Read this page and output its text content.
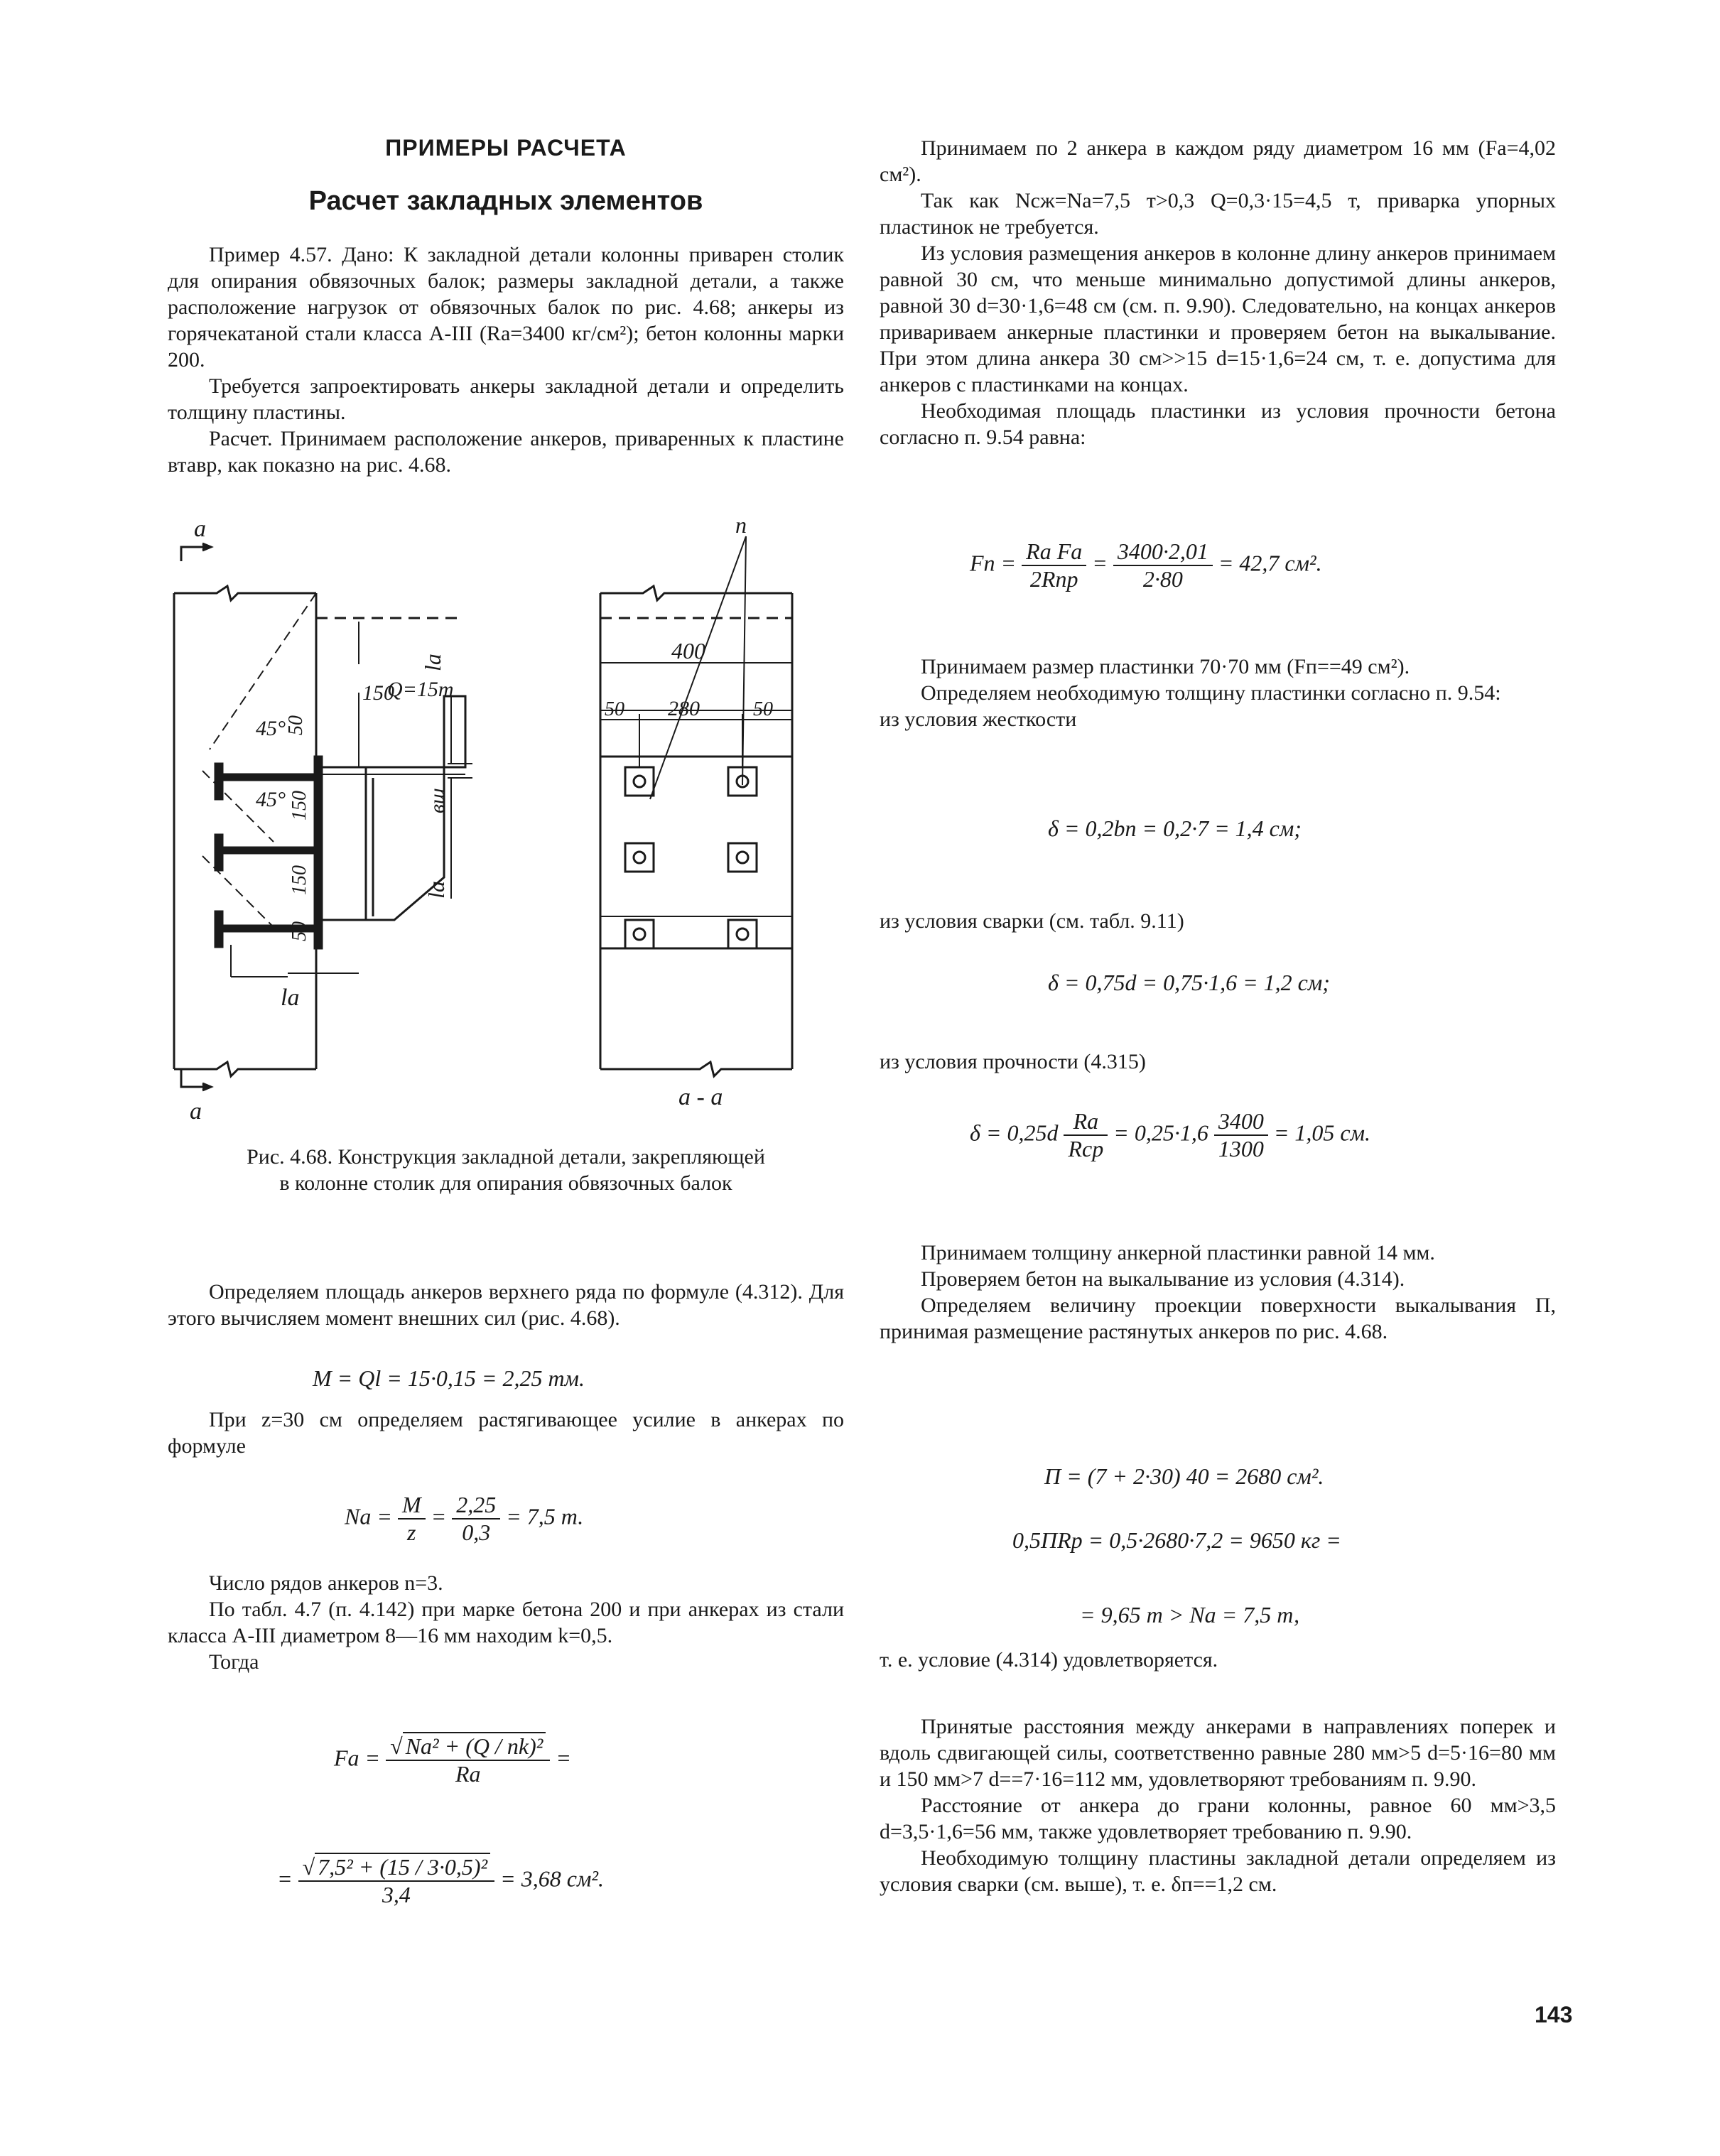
ПРИМЕРЫ РАСЧЕТА
Расчет закладных элементов

Пример 4.57. Дано: К закладной детали колонны приварен столик для опирания обвязочных балок; размеры закладной детали, а также расположение нагрузок от обвязочных балок по рис. 4.68; анкеры из горячекатаной стали класса А-III (Rа=3400 кг/см²); бетон колонны марки 200.

Требуется запроектировать анкеры закладной детали и определить толщину пластины.

Расчет. Принимаем расположение анкеров, приваренных к пластине втавр, как показно на рис. 4.68.

a
a
la
45°
45°
50
150
150
50
150
Q=15т
la
вш
la
400
50 280	50
п
a - a
Рис. 4.68. Конструкция закладной детали, закрепляющей
в колонне столик для опирания обвязочных балок

Определяем площадь анкеров верхнего ряда по формуле (4.312). Для этого вычисляем момент внешних сил (рис. 4.68).

M = Ql = 15·0,15 = 2,25 тм.

При z=30 см определяем растягивающее усилие в анкерах по формуле

Nа = $\frac{M}{z} = \frac{2,25}{0,3} = 7,5$ т.

Число рядов анкеров n=3.

По табл. 4.7 (п. 4.142) при марке бетона 200 и при анкерах из стали класса А-III диаметром 8—16 мм находим k=0,5.

Тогда

Fа = $\frac{\text{√ Nа² + (Q / nk)²}}{Rа}$ =
= $\frac{\text{√ 7,5² + (15 / 3·0,5)²}}{3,4} = 3,68$ см².

Принимаем по 2 анкера в каждом ряду диаметром 16 мм (Fа=4,02 см²).

Так как Nсж=Nа=7,5 т>0,3 Q=0,3·15=4,5 т, приварка упорных пластинок не требуется.

Из условия размещения анкеров в колонне длину анкеров принимаем равной 30 см, что меньше минимально допустимой длины анкеров, равной 30 d=30·1,6=48 см (см. п. 9.90). Следовательно, на концах анкеров привариваем анкерные пластинки и проверяем бетон на выкалывание. При этом длина анкера 30 см>>15 d=15·1,6=24 см, т. е. допустима для анкеров с пластинками на концах.

Необходимая площадь пластинки из условия прочности бетона согласно п. 9.54 равна:

Fп = $\frac{\text{Rа Fа}}{\text{2Rпр}} = \frac{3400\cdot 2,01}{2\cdot 80} = 42,7$ см².

Принимаем размер пластинки 70·70 мм (Fп==49 см²).

Определяем необходимую толщину пластинки согласно п. 9.54:

из условия жесткости

δ = 0,2bп = 0,2·7 = 1,4 см;

из условия сварки (см. табл. 9.11)

δ = 0,75d = 0,75·1,6 = 1,2 см;

из условия прочности (4.315)

$\delta = 0,25d \frac{Rа}{\text{Rср}} = 0,25\cdot 1,6 \frac{3400}{1300} = 1,05$ см.

Принимаем толщину анкерной пластинки равной 14 мм.

Проверяем бетон на выкалывание из условия (4.314).

Определяем величину проекции поверхности выкалывания П, принимая размещение растянутых анкеров по рис. 4.68.

П = (7 + 2·30) 40 = 2680 см².
0,5ПRр = 0,5·2680·7,2 = 9650 кг =
= 9,65 т > Nа = 7,5 т,

т. е. условие (4.314) удовлетворяется.

Принятые расстояния между анкерами в направлениях поперек и вдоль сдвигающей силы, соответственно равные 280 мм>5 d=5·16=80 мм и 150 мм>7 d==7·16=112 мм, удовлетворяют требованиям п. 9.90.

Расстояние от анкера до грани колонны, равное 60 мм>3,5 d=3,5·1,6=56 мм, также удовлетворяет требованию п. 9.90.

Необходимую толщину пластины закладной детали определяем из условия сварки (см. выше), т. е. δп==1,2 см.

143
